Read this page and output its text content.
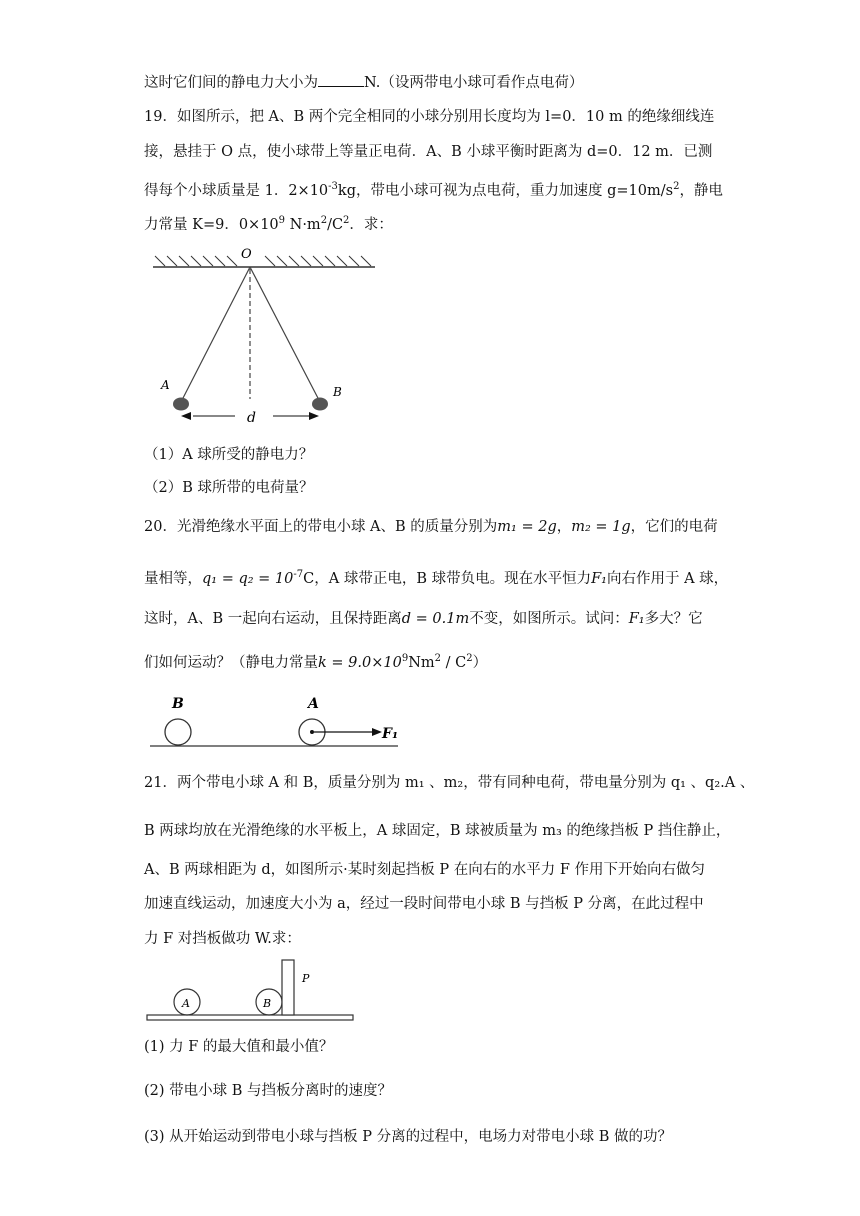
这时它们间的静电力大小为	N.（设两带电小球可看作点电荷）
19．如图所示，把 A、B 两个完全相同的小球分别用长度均为 l=0．10 m 的绝缘细线连
接，悬挂于 O 点，使小球带上等量正电荷．A、B 小球平衡时距离为 d=0．12 m．已测
得每个小球质量是 1．$2\times 10^{-3}kg$，带电小球可视为点电荷，重力加速度 $g=10m/s^2$，静电
力常量 K=9．$0\times 10^9$ $N\cdot m^2/C^2$．求：
O
A	B
d
（1）A 球所受的静电力？
（2）B 球所带的电荷量？
20．光滑绝缘水平面上的带电小球 A、B 的质量分别为m₁ = 2g，m₂ = 1g，它们的电荷
量相等，$q_1 = q_2 = 10^{-7}C$，A 球带正电，B 球带负电。现在水平恒力F₁向右作用于 A 球，
这时，A、B 一起向右运动，且保持距离d = 0.1m不变，如图所示。试问：F₁多大？它
们如何运动？（静电力常量$k = 9.0\times 10^9Nm^2 / C^2$）
B	A
F₁
21．两个带电小球 A 和 B，质量分别为 m₁ 、m₂，带有同种电荷，带电量分别为 q₁ 、q₂.A 、
B 两球均放在光滑绝缘的水平板上，A 球固定，B 球被质量为 m₃ 的绝缘挡板 P 挡住静止，
A、B 两球相距为 d，如图所示·某时刻起挡板 P 在向右的水平力 F 作用下开始向右做匀
加速直线运动，加速度大小为 a，经过一段时间带电小球 B 与挡板 P 分离，在此过程中
力 F 对挡板做功 W.求：
A	B
P
(1) 力 F 的最大值和最小值？
(2) 带电小球 B 与挡板分离时的速度？
(3) 从开始运动到带电小球与挡板 P 分离的过程中，电场力对带电小球 B 做的功？
